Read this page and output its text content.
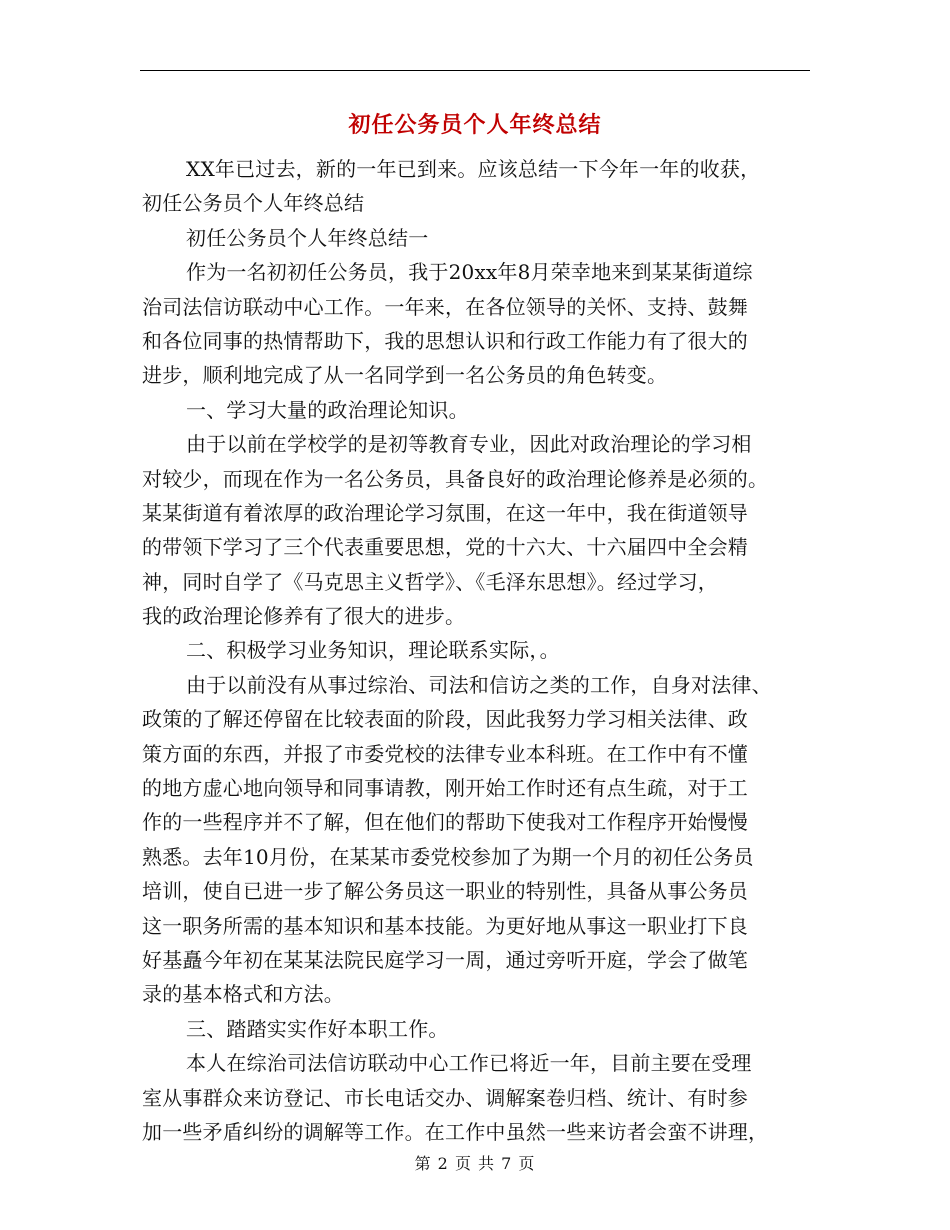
初任公务员个人年终总结
XX年已过去，新的一年已到来。应该总结一下今年一年的收获，
初任公务员个人年终总结
初任公务员个人年终总结一
作为一名初初任公务员，我于20xx年8月荣幸地来到某某街道综
治司法信访联动中心工作。一年来，在各位领导的关怀、支持、鼓舞
和各位同事的热情帮助下，我的思想认识和行政工作能力有了很大的
进步，顺利地完成了从一名同学到一名公务员的角色转变。
一、学习大量的政治理论知识。
由于以前在学校学的是初等教育专业，因此对政治理论的学习相
对较少，而现在作为一名公务员，具备良好的政治理论修养是必须的。
某某街道有着浓厚的政治理论学习氛围，在这一年中，我在街道领导
的带领下学习了三个代表重要思想，党的十六大、十六届四中全会精
神，同时自学了《马克思主义哲学》、《毛泽东思想》。经过学习，
我的政治理论修养有了很大的进步。
二、积极学习业务知识，理论联系实际，。
由于以前没有从事过综治、司法和信访之类的工作，自身对法律、
政策的了解还停留在比较表面的阶段，因此我努力学习相关法律、政
策方面的东西，并报了市委党校的法律专业本科班。在工作中有不懂
的地方虚心地向领导和同事请教，刚开始工作时还有点生疏，对于工
作的一些程序并不了解，但在他们的帮助下使我对工作程序开始慢慢
熟悉。去年10月份，在某某市委党校参加了为期一个月的初任公务员
培训，使自已进一步了解公务员这一职业的特别性，具备从事公务员
这一职务所需的基本知识和基本技能。为更好地从事这一职业打下良
好基矗今年初在某某法院民庭学习一周，通过旁听开庭，学会了做笔
录的基本格式和方法。
三、踏踏实实作好本职工作。
本人在综治司法信访联动中心工作已将近一年，目前主要在受理
室从事群众来访登记、市长电话交办、调解案卷归档、统计、有时参
加一些矛盾纠纷的调解等工作。在工作中虽然一些来访者会蛮不讲理，
第 2 页 共 7 页
